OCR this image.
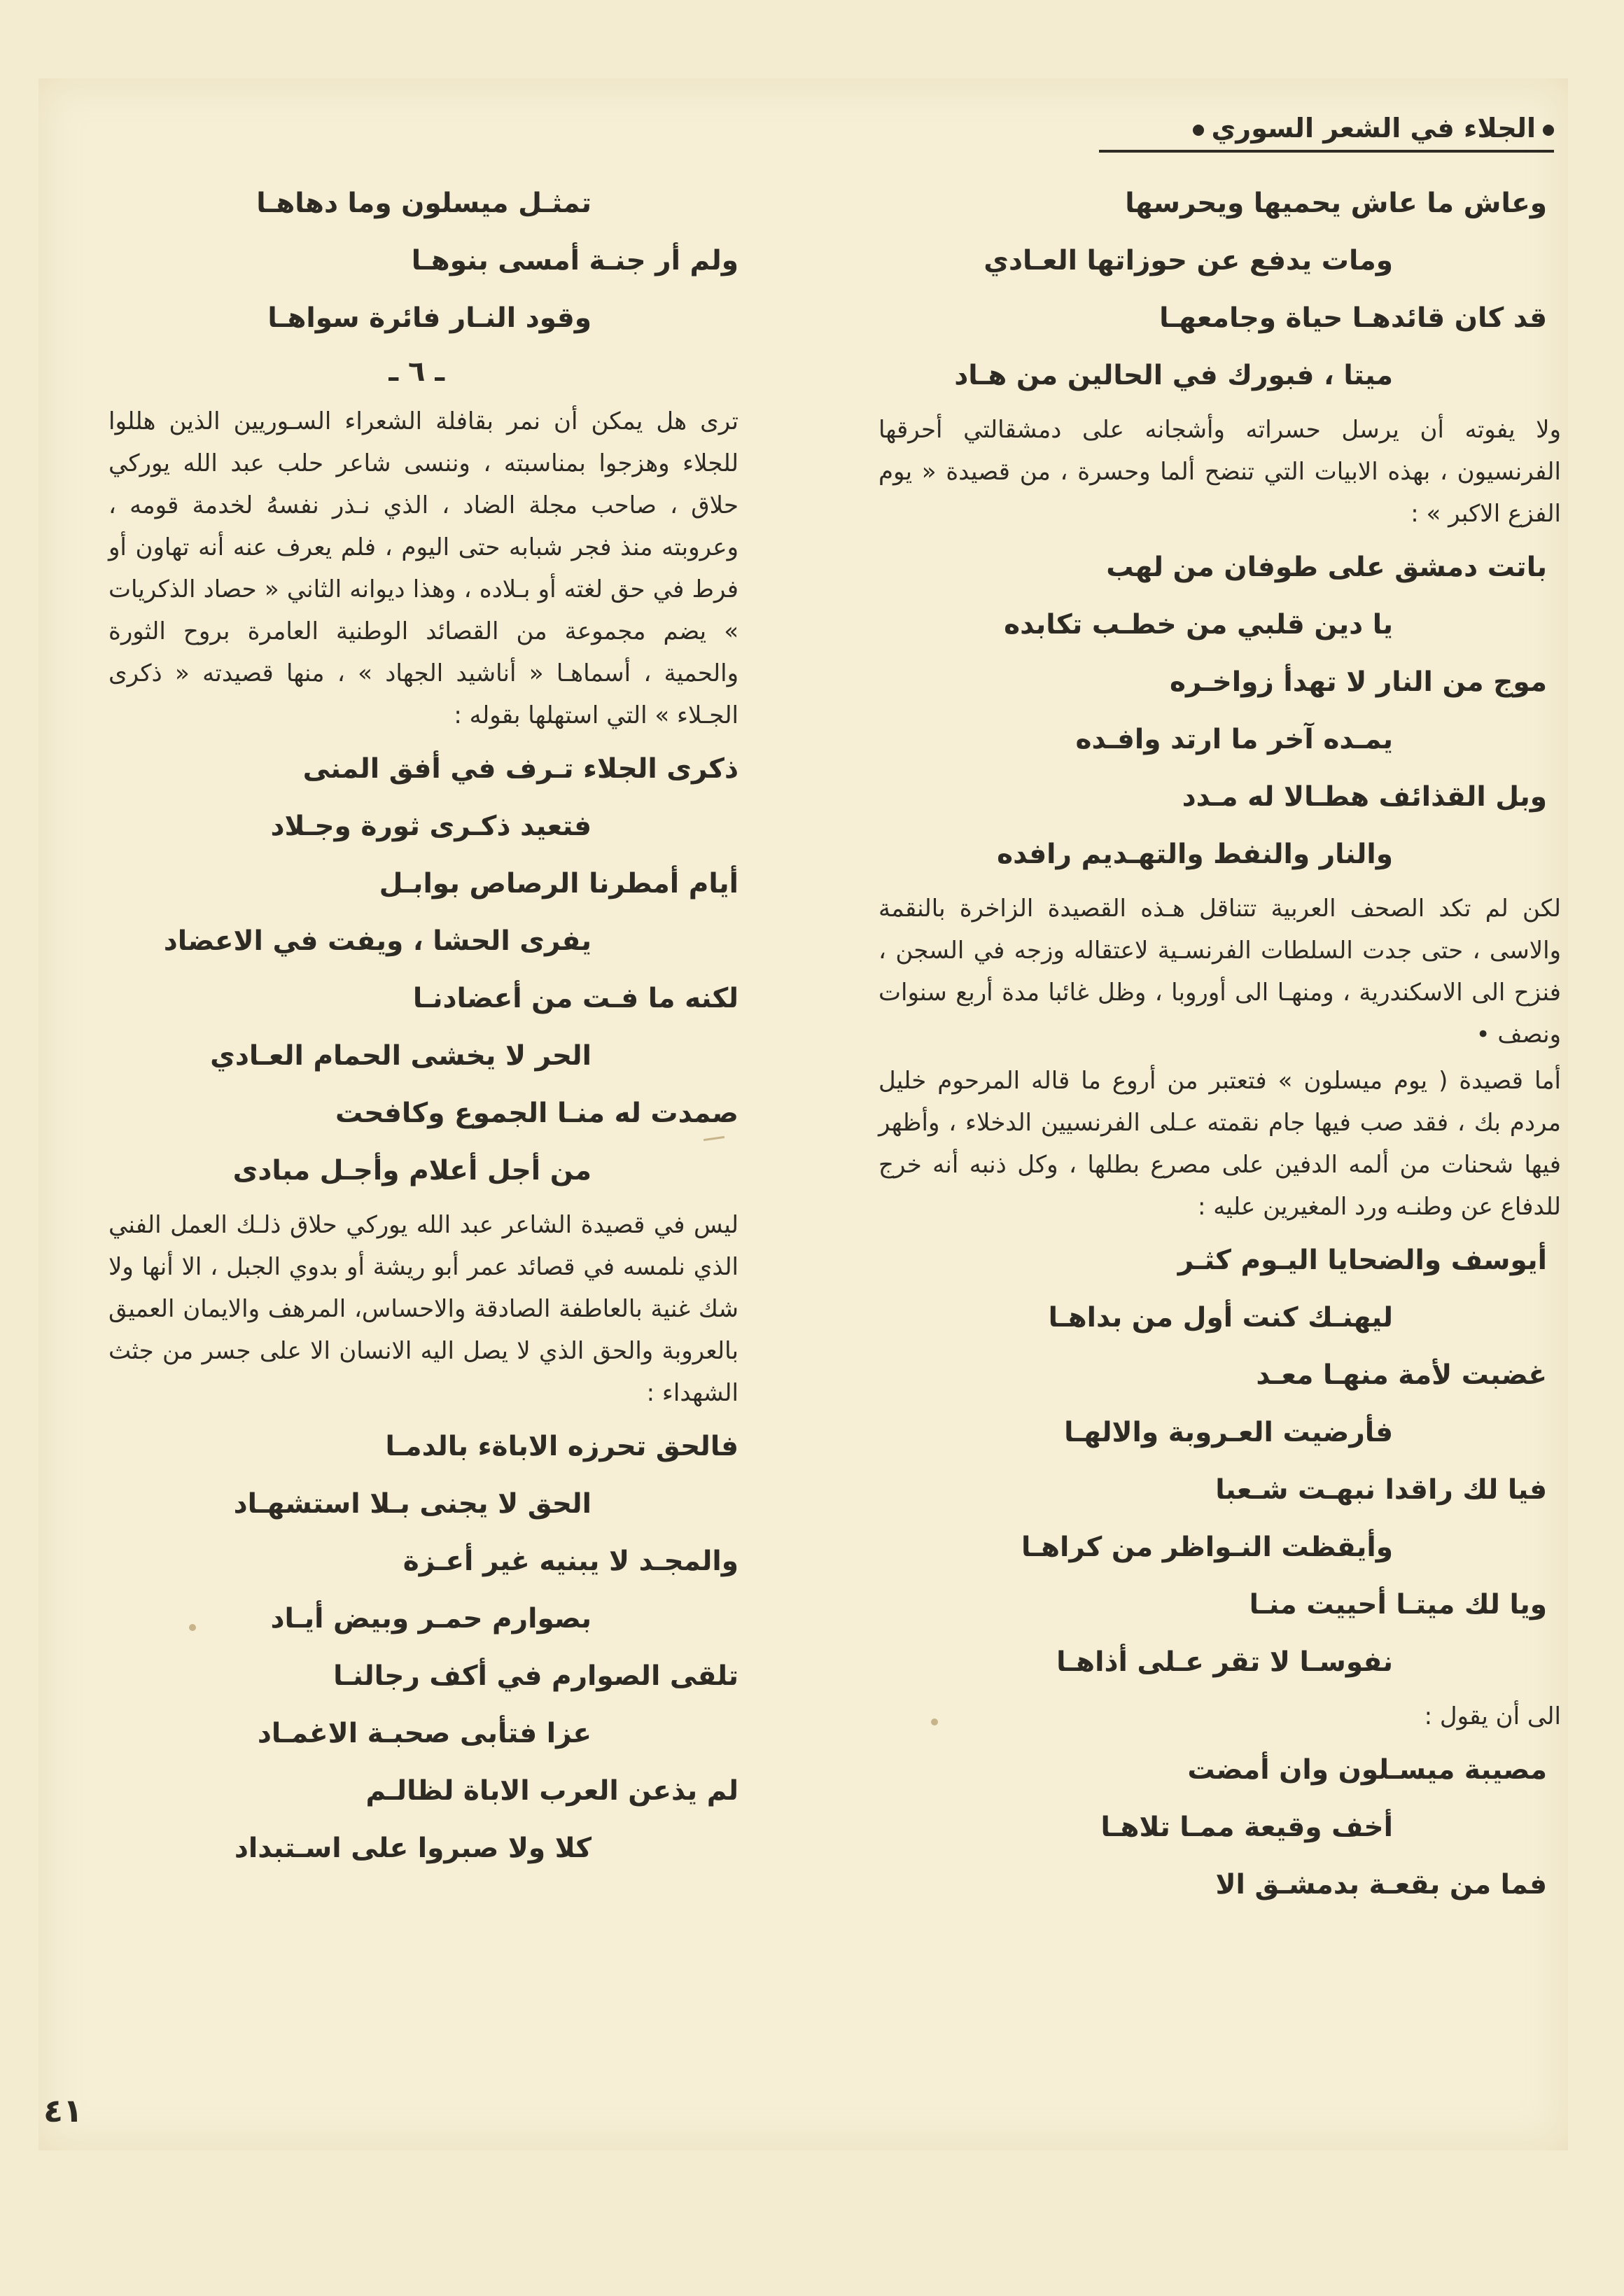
الجلاء في الشعر السوري
وعاش ما عاش يحميها ويحرسها
ومات يدفع عن حوزاتها العـادي
قد كان قائدهـا حياة وجامعهـا
ميتا ، فبورك في الحالين من هـاد
ولا يفوته أن يرسل حسراته وأشجانه على دمشقالتي أحرقها الفرنسيون ، بهذه الابيات التي تنضح ألما وحسرة ، من قصيدة « يوم الفزع الاكبر » :
باتت دمشق على طوفان من لهب
يا دين قلبي من خطـب تكابده
موج من النار لا تهدأ زواخـره
يمـده آخر ما ارتد وافـده
وبل القذائف هطـالا له مـدد
والنار والنفط والتهـديم رافده
لكن لم تكد الصحف العربية تتناقل هـذه القصيدة الزاخرة بالنقمة والاسى ، حتى جدت السلطات الفرنسـية لاعتقاله وزجه في السجن ، فنزح الى الاسكندرية ، ومنهـا الى أوروبا ، وظل غائبا مدة أربع سنوات ونصف •
أما قصيدة ( يوم ميسلون » فتعتبر من أروع ما قاله المرحوم خليل مردم بك ، فقد صب فيها جام نقمته عـلى الفرنسيين الدخلاء ، وأظهر فيها شحنات من ألمه الدفين على مصرع بطلها ، وكل ذنبه أنه خرج للدفاع عن وطنـه ورد المغيرين عليه :
أيوسف والضحايا اليـوم كثـر
ليهنـك كنت أول من بداهـا
غضبت لأمة منهـا معـد
فأرضيت العـروبة والالهـا
فيا لك راقدا نبهـت شـعبا
وأيقظت النـواظر من كراهـا
ويا لك ميتـا أحييت منـا
نفوسـا لا تقر عـلى أذاهـا
الى أن يقول :
مصيبة ميسـلون وان أمضت
أخف وقيعة ممـا تلاهـا
فما من بقعـة بدمشـق الا
تمثـل ميسلون وما دهاهـا
ولم أر جنـة أمسى بنوهـا
وقود النـار فائرة سواهـا
ـ ٦ ـ
ترى هل يمكن أن نمر بقافلة الشعراء السـوريين الذين هللوا للجلاء وهزجوا بمناسبته ، وننسى شاعر حلب عبد الله يوركي حلاق ، صاحب مجلة الضاد ، الذي نـذر نفسهُ لخدمة قومه ، وعروبته منذ فجر شبابه حتى اليوم ، فلم يعرف عنه أنه تهاون أو فرط في حق لغته أو بـلاده ، وهذا ديوانه الثاني « حصاد الذكريات » يضم مجموعة من القصائد الوطنية العامرة بروح الثورة والحمية ، أسماهـا « أناشيد الجهاد » ، منها قصيدته « ذكرى الجـلاء » التي استهلها بقوله :
ذكرى الجلاء تـرف في أفق المنى
فتعيد ذكـرى ثورة وجـلاد
أيام أمطرنا الرصاص بوابـل
يفرى الحشا ، ويفت في الاعضاد
لكنه ما فـت من أعضادنـا
الحر لا يخشى الحمام العـادي
صمدت له منـا الجموع وكافحت
من أجل أعلام وأجـل مبادى
ليس في قصيدة الشاعر عبد الله يوركي حلاق ذلـك العمل الفني الذي نلمسه في قصائد عمر أبو ريشة أو بدوي الجبل ، الا أنها ولا شك غنية بالعاطفة الصادقة والاحساس، المرهف والايمان العميق بالعروبة والحق الذي لا يصل اليه الانسان الا على جسر من جثث الشهداء :
فالحق تحرزه الاباةء بالدمـا
الحق لا يجنى بـلا استشهـاد
والمجـد لا يبنيه غير أعـزة
بصوارم حمـر وبيض أيـاد
تلقى الصوارم في أكف رجالنـا
عزا فتأبى صحبـة الاغمـاد
لم يذعن العرب الاباة لظالـم
كلا ولا صبروا على اسـتبداد
٤١
